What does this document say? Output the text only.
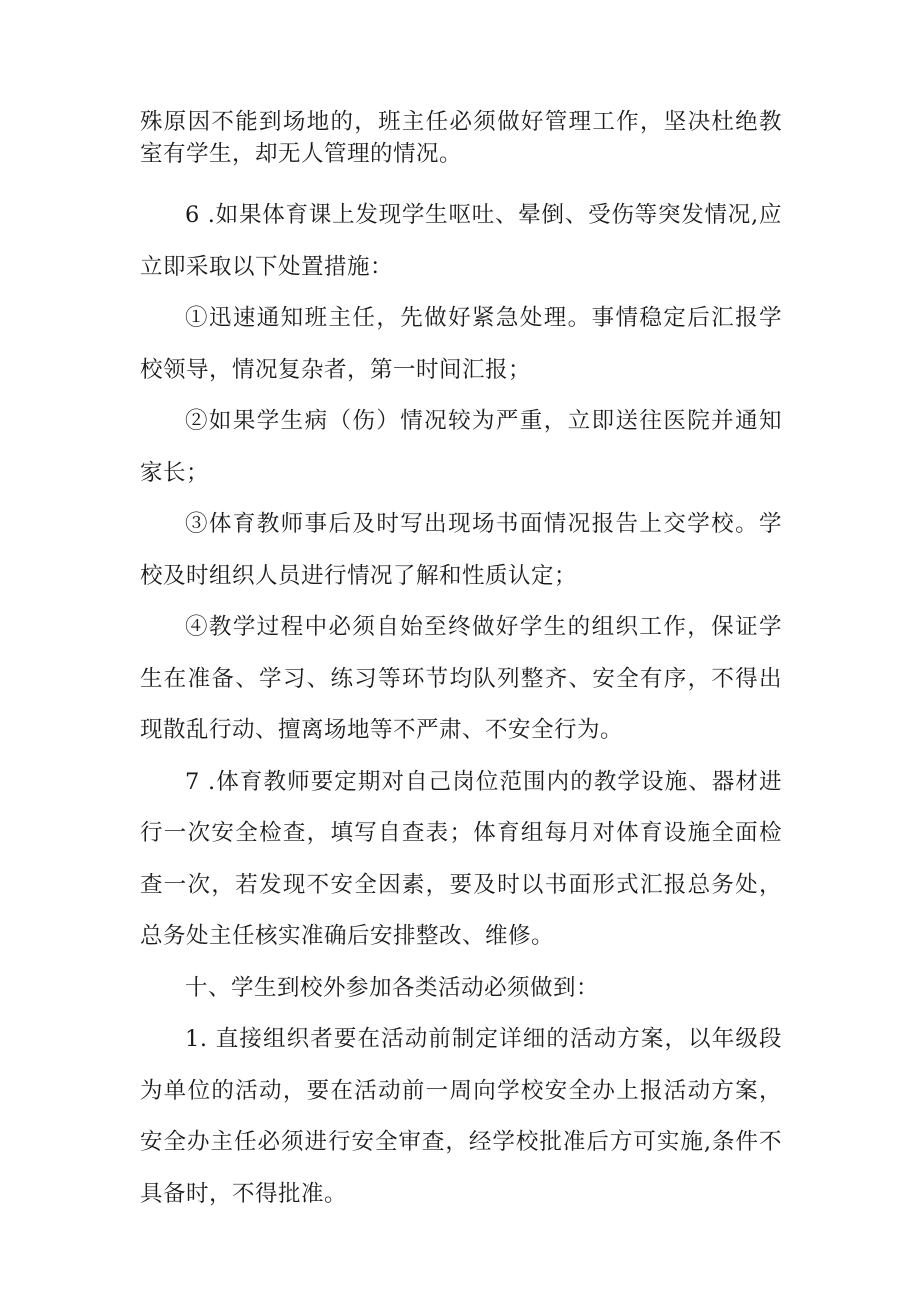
殊原因不能到场地的，班主任必须做好管理工作，坚决杜绝教室有学生，却无人管理的情况。

6 .如果体育课上发现学生呕吐、晕倒、受伤等突发情况,应立即采取以下处置措施：

①迅速通知班主任，先做好紧急处理。事情稳定后汇报学校领导，情况复杂者，第一时间汇报；

②如果学生病（伤）情况较为严重，立即送往医院并通知家长；

③体育教师事后及时写出现场书面情况报告上交学校。学校及时组织人员进行情况了解和性质认定；

④教学过程中必须自始至终做好学生的组织工作，保证学生在准备、学习、练习等环节均队列整齐、安全有序，不得出现散乱行动、擅离场地等不严肃、不安全行为。

7 .体育教师要定期对自己岗位范围内的教学设施、器材进行一次安全检查，填写自查表；体育组每月对体育设施全面检查一次，若发现不安全因素，要及时以书面形式汇报总务处，总务处主任核实准确后安排整改、维修。

十、学生到校外参加各类活动必须做到：

1. 直接组织者要在活动前制定详细的活动方案，以年级段为单位的活动，要在活动前一周向学校安全办上报活动方案，安全办主任必须进行安全审查，经学校批准后方可实施,条件不具备时，不得批准。
